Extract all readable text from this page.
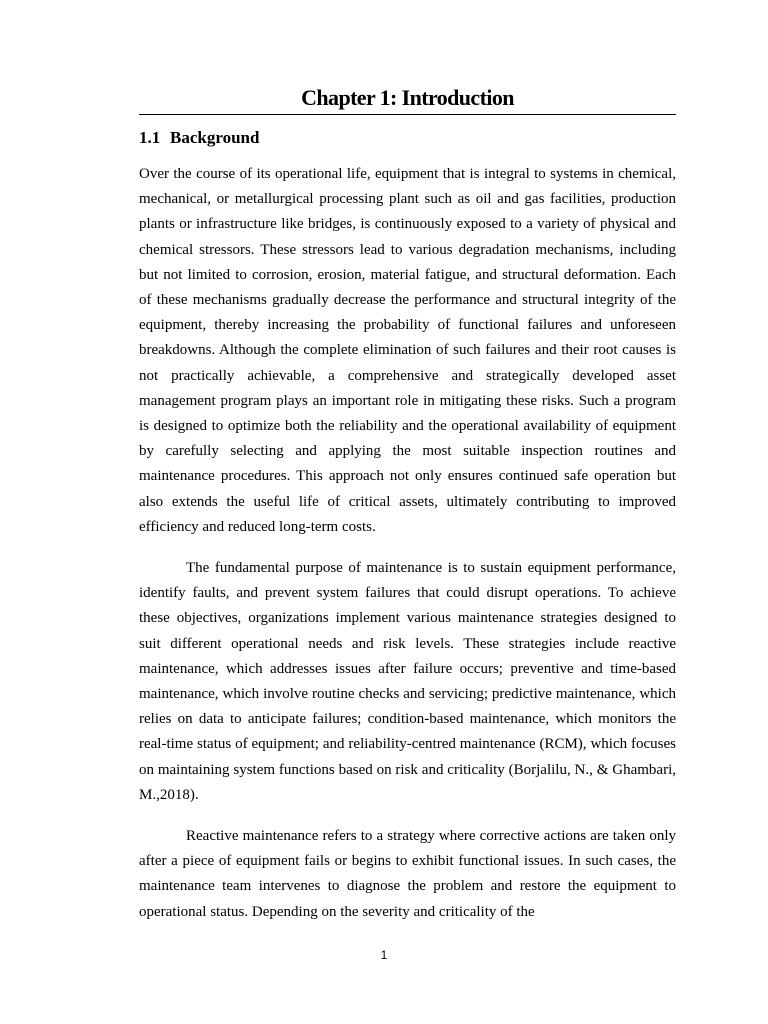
Chapter 1: Introduction
1.1 Background

Over the course of its operational life, equipment that is integral to systems in chemical, mechanical, or metallurgical processing plant such as oil and gas facilities, production plants or infrastructure like bridges, is continuously exposed to a variety of physical and chemical stressors. These stressors lead to various degradation mechanisms, including but not limited to corrosion, erosion, material fatigue, and structural deformation. Each of these mechanisms gradually decrease the performance and structural integrity of the equipment, thereby increasing the probability of functional failures and unforeseen breakdowns. Although the complete elimination of such failures and their root causes is not practically achievable, a comprehensive and strategically developed asset management program plays an important role in mitigating these risks. Such a program is designed to optimize both the reliability and the operational availability of equipment by carefully selecting and applying the most suitable inspection routines and maintenance procedures. This approach not only ensures continued safe operation but also extends the useful life of critical assets, ultimately contributing to improved efficiency and reduced long-term costs.

The fundamental purpose of maintenance is to sustain equipment performance, identify faults, and prevent system failures that could disrupt operations. To achieve these objectives, organizations implement various maintenance strategies designed to suit different operational needs and risk levels. These strategies include reactive maintenance, which addresses issues after failure occurs; preventive and time-based maintenance, which involve routine checks and servicing; predictive maintenance, which relies on data to anticipate failures; condition-based maintenance, which monitors the real-time status of equipment; and reliability-centred maintenance (RCM), which focuses on maintaining system functions based on risk and criticality (Borjalilu, N., & Ghambari, M.,2018).

Reactive maintenance refers to a strategy where corrective actions are taken only after a piece of equipment fails or begins to exhibit functional issues. In such cases, the maintenance team intervenes to diagnose the problem and restore the equipment to operational status. Depending on the severity and criticality of the

1
